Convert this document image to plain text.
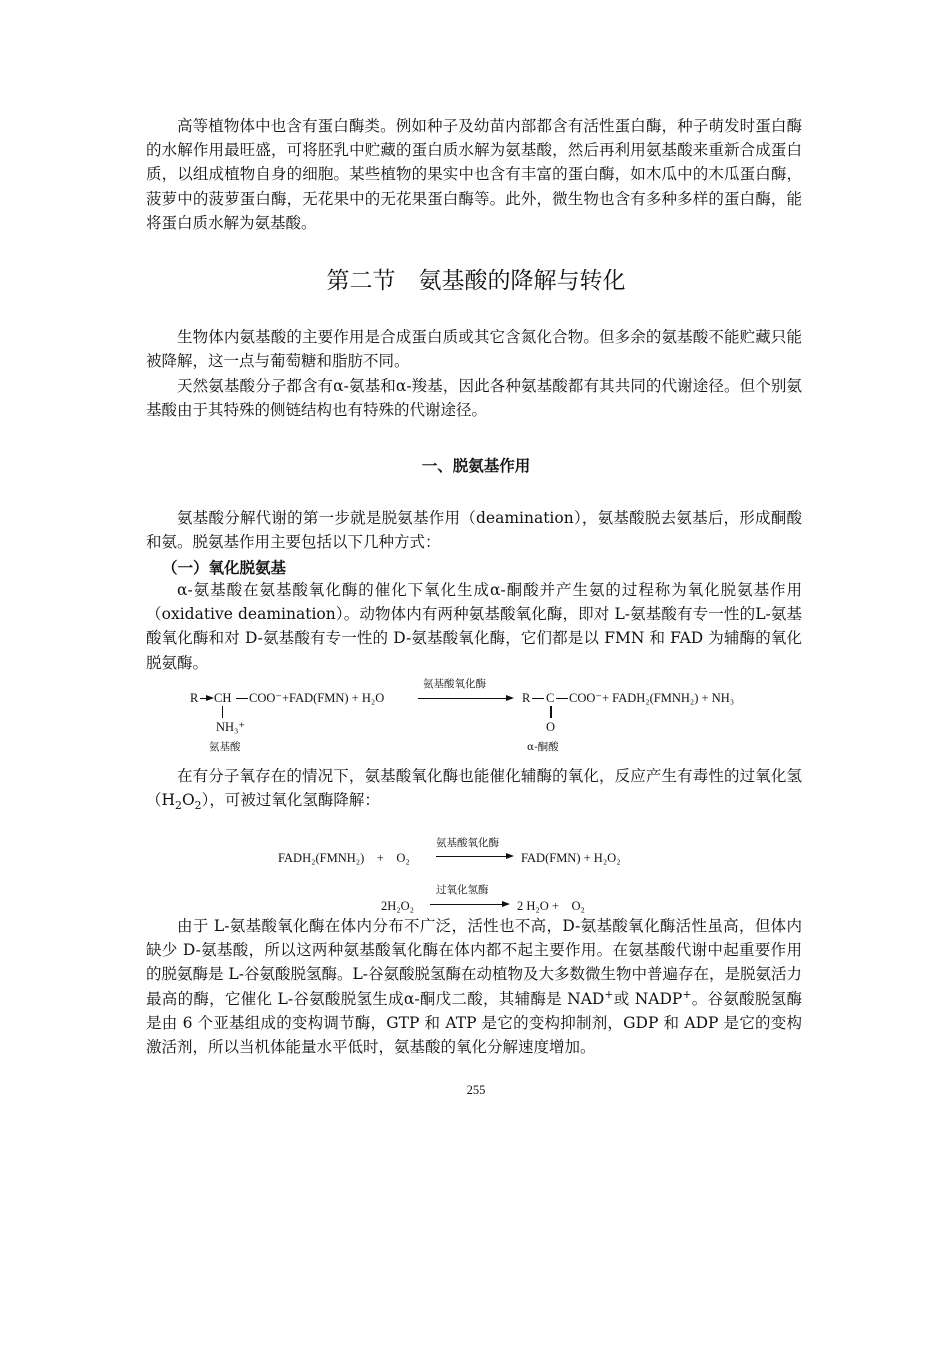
高等植物体中也含有蛋白酶类。例如种子及幼苗内部都含有活性蛋白酶，种子萌发时蛋白酶的水解作用最旺盛，可将胚乳中贮藏的蛋白质水解为氨基酸，然后再利用氨基酸来重新合成蛋白质，以组成植物自身的细胞。某些植物的果实中也含有丰富的蛋白酶，如木瓜中的木瓜蛋白酶，菠萝中的菠萝蛋白酶，无花果中的无花果蛋白酶等。此外，微生物也含有多种多样的蛋白酶，能将蛋白质水解为氨基酸。

第二节　氨基酸的降解与转化

生物体内氨基酸的主要作用是合成蛋白质或其它含氮化合物。但多余的氨基酸不能贮藏只能被降解，这一点与葡萄糖和脂肪不同。

天然氨基酸分子都含有α-氨基和α-羧基，因此各种氨基酸都有其共同的代谢途径。但个别氨基酸由于其特殊的侧链结构也有特殊的代谢途径。

一、脱氨基作用

氨基酸分解代谢的第一步就是脱氨基作用（deamination），氨基酸脱去氨基后，形成酮酸和氨。脱氨基作用主要包括以下几种方式：

（一）氧化脱氨基

α-氨基酸在氨基酸氧化酶的催化下氧化生成α-酮酸并产生氨的过程称为氧化脱氨基作用（oxidative deamination）。动物体内有两种氨基酸氧化酶，即对 L-氨基酸有专一性的L-氨基酸氧化酶和对 D-氨基酸有专一性的 D-氨基酸氧化酶，它们都是以 FMN 和 FAD 为辅酶的氧化脱氨酶。

氨基酸氧化酶
R CH COO⁻+FAD(FMN) + H₂O
NH₃⁺
氨基酸
R C COO⁻+ FADH₂(FMNH₂) + NH₃
O
α-酮酸

在有分子氧存在的情况下，氨基酸氧化酶也能催化辅酶的氧化，反应产生有毒性的过氧化氢$(H_2O_2)$，可被过氧化氢酶降解：

氨基酸氧化酶
FADH₂(FMNH₂)　+　O₂	FAD(FMN) + H₂O₂
过氧化氢酶
2H₂O₂	2 H₂O +　O₂

由于 L-氨基酸氧化酶在体内分布不广泛，活性也不高，D-氨基酸氧化酶活性虽高，但体内缺少 D-氨基酸，所以这两种氨基酸氧化酶在体内都不起主要作用。在氨基酸代谢中起重要作用的脱氨酶是 L-谷氨酸脱氢酶。L-谷氨酸脱氢酶在动植物及大多数微生物中普遍存在，是脱氨活力最高的酶，它催化 L-谷氨酸脱氢生成α-酮戊二酸，其辅酶是 NAD+或 NADP+。谷氨酸脱氢酶是由 6 个亚基组成的变构调节酶，GTP 和 ATP 是它的变构抑制剂，GDP 和 ADP 是它的变构激活剂，所以当机体能量水平低时，氨基酸的氧化分解速度增加。

255
